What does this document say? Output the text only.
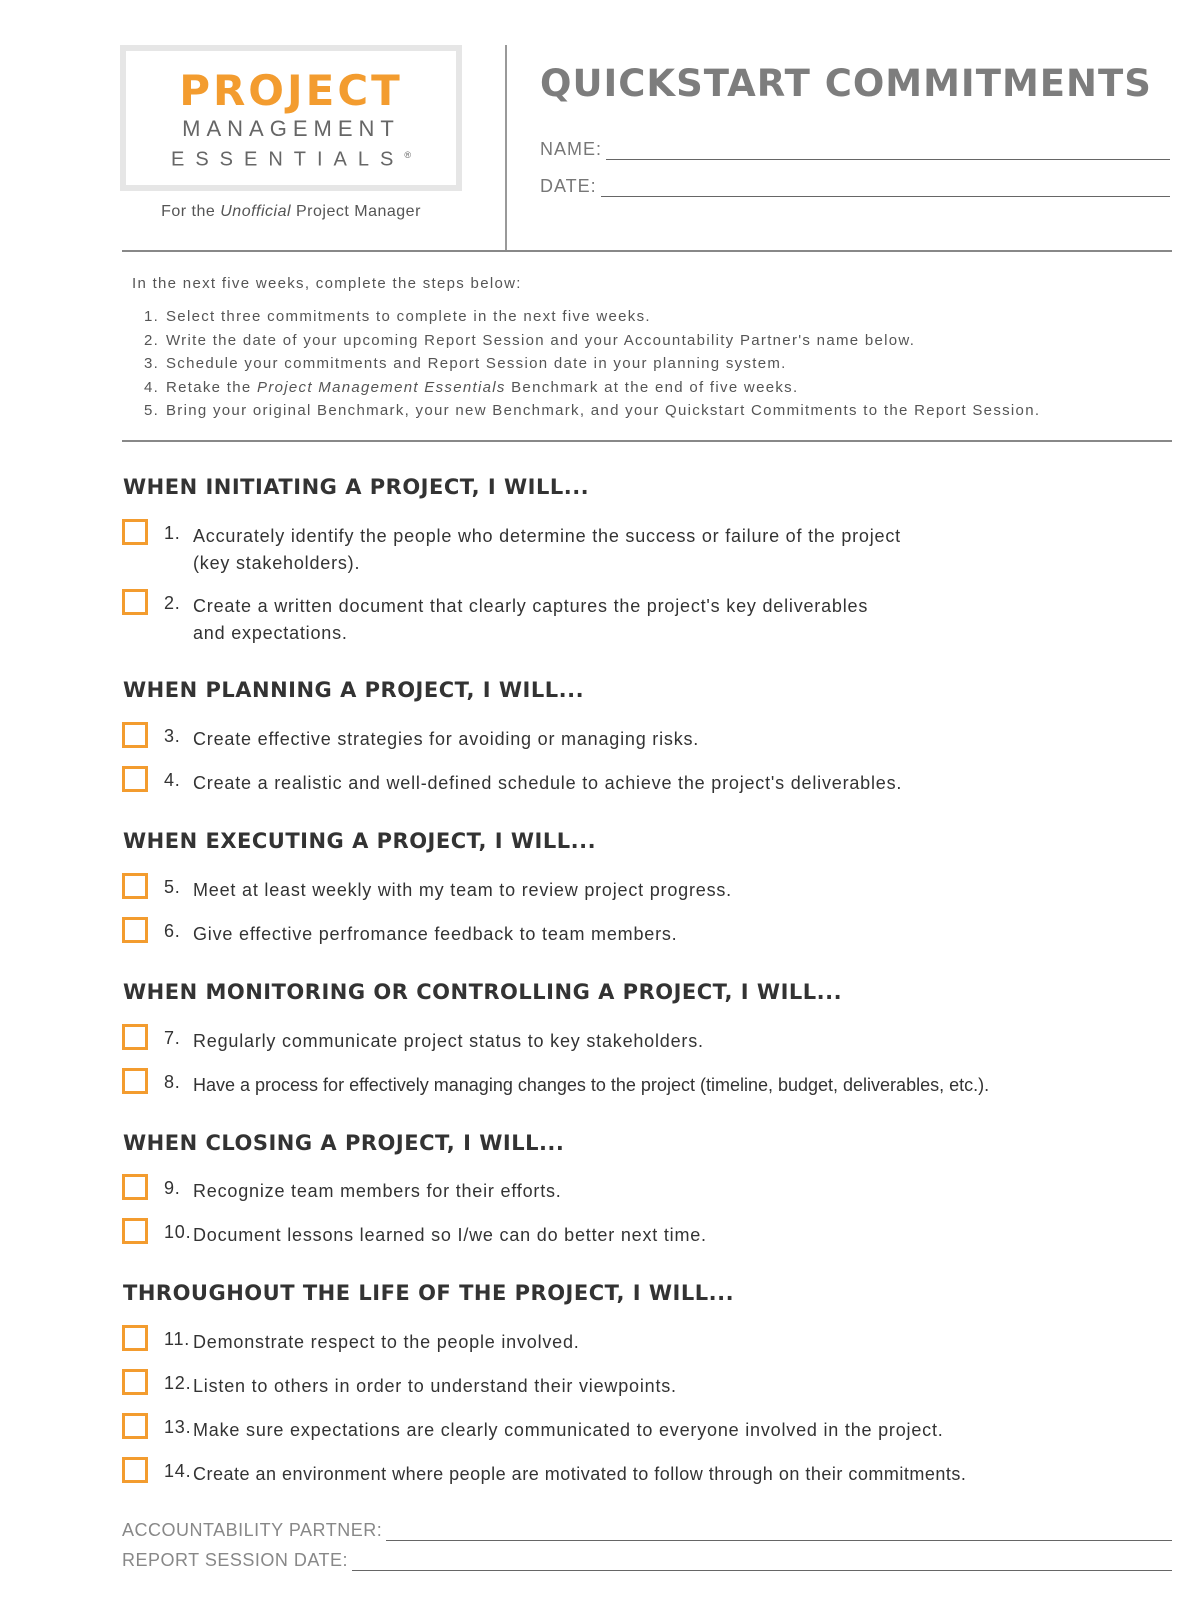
PROJECT
MANAGEMENT
ESSENTIALS®
For the Unofficial Project Manager
QUICKSTART COMMITMENTS
NAME:
DATE:
In the next five weeks, complete the steps below:
1. Select three commitments to complete in the next five weeks.
2. Write the date of your upcoming Report Session and your Accountability Partner's name below.
3. Schedule your commitments and Report Session date in your planning system.
4. Retake the Project Management Essentials Benchmark at the end of five weeks.
5. Bring your original Benchmark, your new Benchmark, and your Quickstart Commitments to the Report Session.
WHEN INITIATING A PROJECT, I WILL...
1. Accurately identify the people who determine the success or failure of the project
(key stakeholders).
2. Create a written document that clearly captures the project's key deliverables
and expectations.
WHEN PLANNING A PROJECT, I WILL...
3. Create effective strategies for avoiding or managing risks.
4. Create a realistic and well-defined schedule to achieve the project's deliverables.
WHEN EXECUTING A PROJECT, I WILL...
5. Meet at least weekly with my team to review project progress.
6. Give effective perfromance feedback to team members.
WHEN MONITORING OR CONTROLLING A PROJECT, I WILL...
7. Regularly communicate project status to key stakeholders.
8. Have a process for effectively managing changes to the project (timeline, budget, deliverables, etc.).
WHEN CLOSING A PROJECT, I WILL...
9. Recognize team members for their efforts.
10. Document lessons learned so I/we can do better next time.
THROUGHOUT THE LIFE OF THE PROJECT, I WILL...
11. Demonstrate respect to the people involved.
12. Listen to others in order to understand their viewpoints.
13. Make sure expectations are clearly communicated to everyone involved in the project.
14. Create an environment where people are motivated to follow through on their commitments.
ACCOUNTABILITY PARTNER:
REPORT SESSION DATE:
